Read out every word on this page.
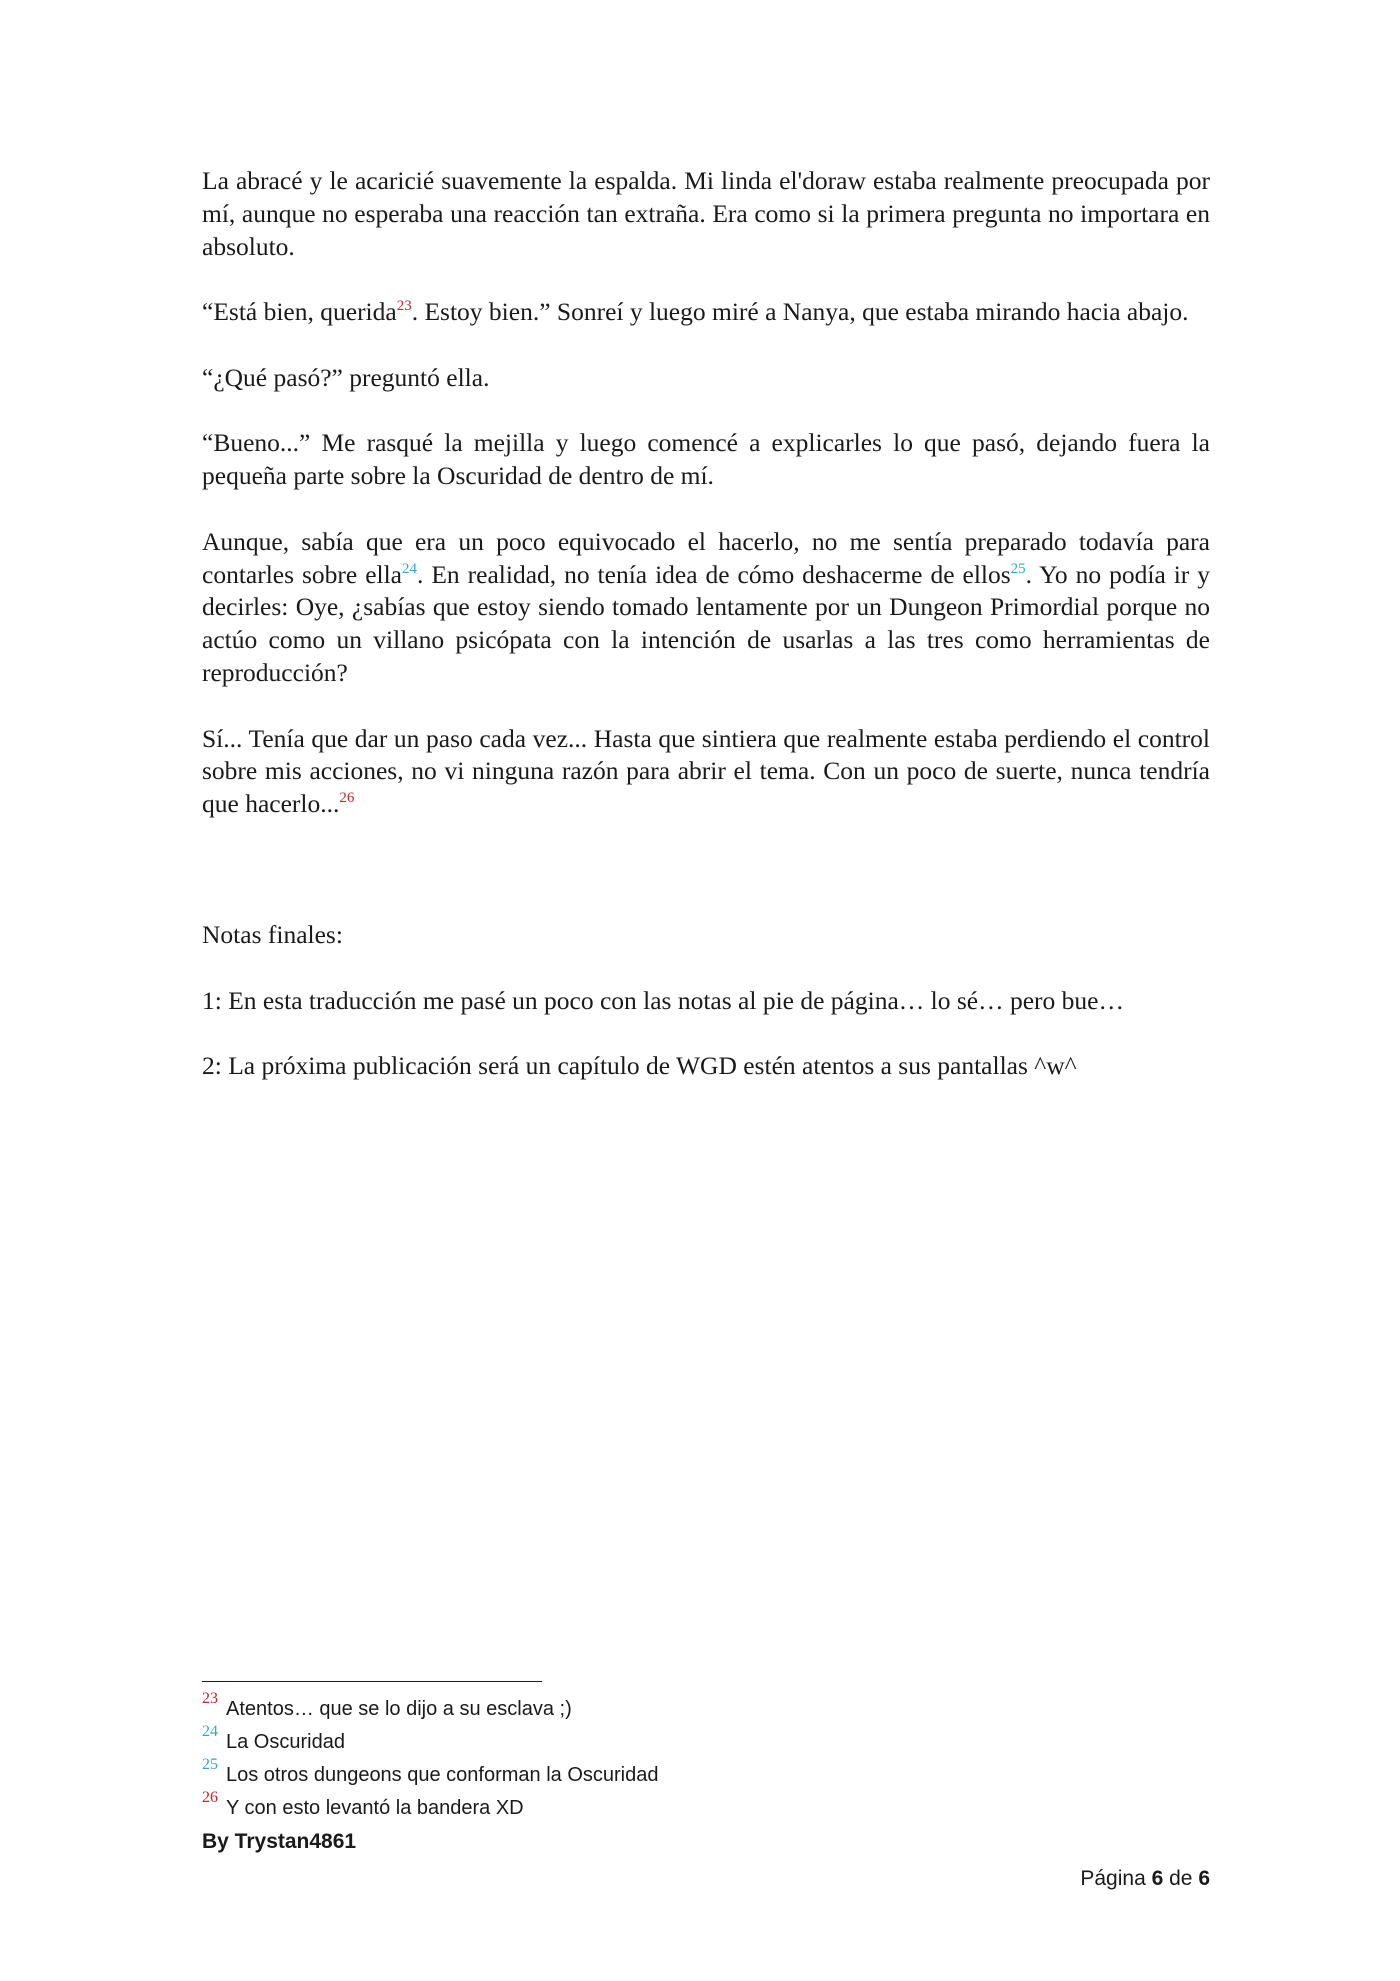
La abracé y le acaricié suavemente la espalda. Mi linda el'doraw estaba realmente preocupada por mí, aunque no esperaba una reacción tan extraña. Era como si la primera pregunta no importara en absoluto.

“Está bien, querida$^{23}$. Estoy bien.” Sonreí y luego miré a Nanya, que estaba mirando hacia abajo.

“¿Qué pasó?” preguntó ella.

“Bueno...” Me rasqué la mejilla y luego comencé a explicarles lo que pasó, dejando fuera la pequeña parte sobre la Oscuridad de dentro de mí.

Aunque, sabía que era un poco equivocado el hacerlo, no me sentía preparado todavía para contarles sobre ella$^{24}$. En realidad, no tenía idea de cómo deshacerme de ellos$^{25}$. Yo no podía ir y decirles: Oye, ¿sabías que estoy siendo tomado lentamente por un Dungeon Primordial porque no actúo como un villano psicópata con la intención de usarlas a las tres como herramientas de reproducción?

Sí... Tenía que dar un paso cada vez... Hasta que sintiera que realmente estaba perdiendo el control sobre mis acciones, no vi ninguna razón para abrir el tema. Con un poco de suerte, nunca tendría que hacerlo...$^{26}$

Notas finales:

1: En esta traducción me pasé un poco con las notas al pie de página… lo sé… pero bue…

2: La próxima publicación será un capítulo de WGD estén atentos a sus pantallas ^w^

23 Atentos… que se lo dijo a su esclava ;)
24 La Oscuridad
25 Los otros dungeons que conforman la Oscuridad
26 Y con esto levantó la bandera XD
By Trystan4861
Página 6 de 6
